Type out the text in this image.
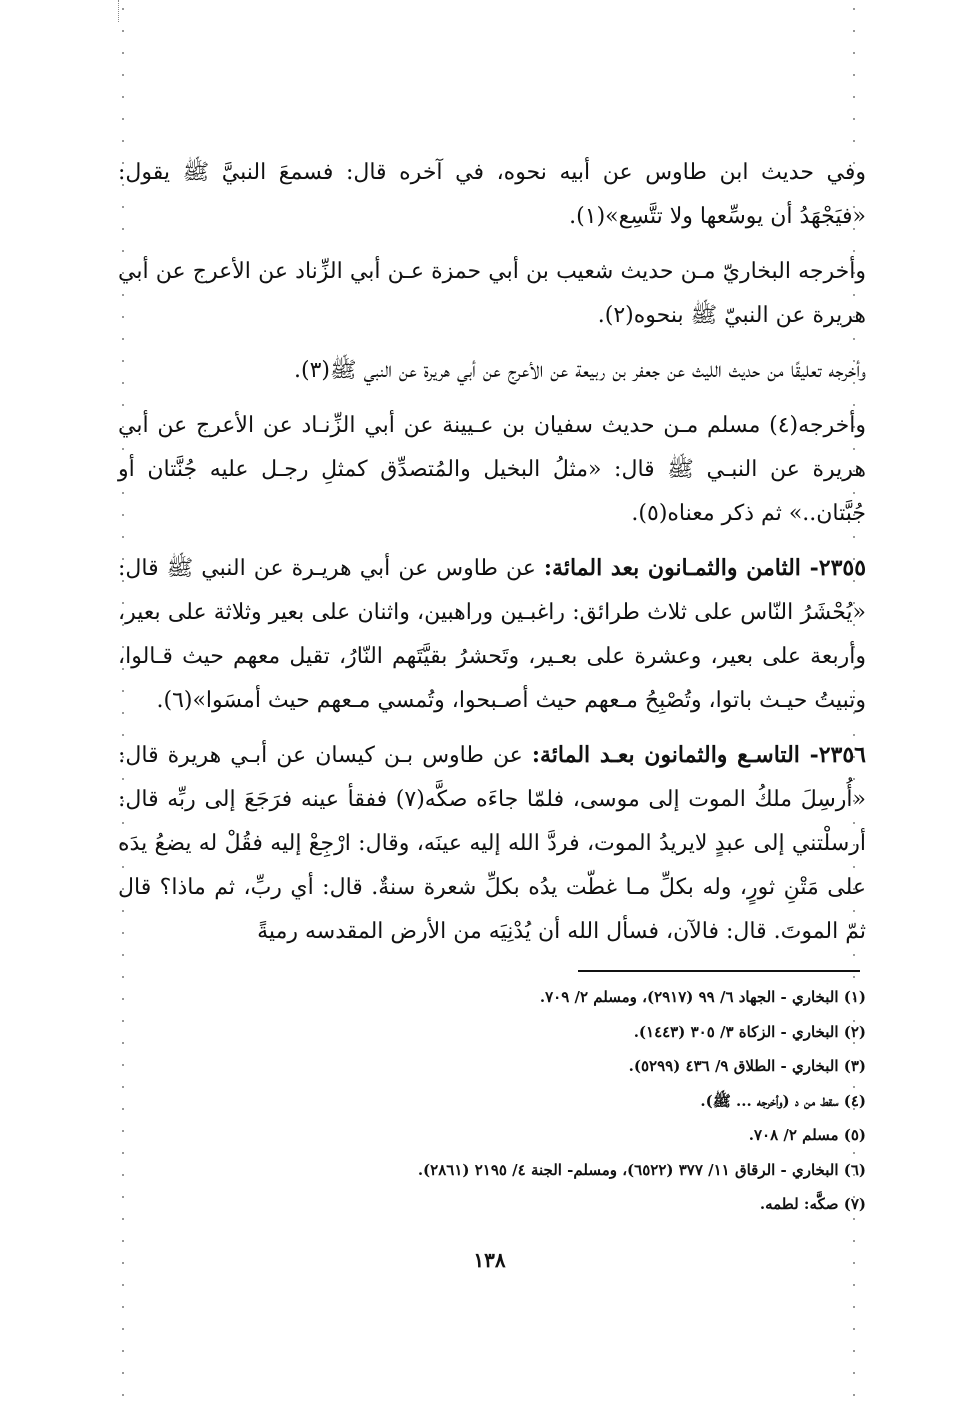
وفي حديث ابن طاوس عن أبيه نحوه، في آخره قال: فسمعَ النبيَّ ﷺ يقول: «فيَجْهَدُ أن يوسِّعها ولا تتَّسِع»(١).

وأخرجه البخاريّ مـن حديث شعيب بن أبي حمزة عـن أبي الزِّناد عن الأعرج عن أبي هريرة عن النبيّ ﷺ بنحوه(٢).

وأخرجه تعليقًا من حديث الليث عن جعفر بن ربيعة عن الأعرج عن أبي هريرة عن النبي ﷺ(٣).

وأخرجه(٤) مسلم مـن حديث سفيان بن عـيينة عن أبي الزِّنـاد عن الأعرج عن أبي هريرة عن النبـي ﷺ قال: «مثلُ البخيل والمُتصدِّق كمثلِ رجـل عليه جُنَّتان أو جُبَّتان..» ثم ذكر معناه(٥).

٢٣٥٥- الثامن والثمـانون بعد المائة: عن طاوس عن أبي هريـرة عن النبي ﷺ قال: «يُحْشَرُ النّاس على ثلاث طرائق: راغبـين وراهبين، واثنان على بعير وثلاثة على بعير، وأربعة على بعير، وعشرة على بعـير، وتَحشرُ بقيَّتَهم النّارُ، تقيل معهم حيث قـالوا، وتبيتُ حيـث باتوا، وتُصْبِحُ مـعهم حيث أصـبحوا، وتُمسي مـعهم حيث أمسَوا»(٦).

٢٣٥٦- التاسـع والثمانون بعـد المائة: عن طاوس بـن كيسان عن أبـي هريرة قال: «أُرسِلَ ملكُ الموت إلى موسى، فلمّا جاءَه صكَّه(٧) ففقأ عينه فرَجَعَ إلى ربِّه قال: أرسلْتني إلى عبدٍ لايريدُ الموت، فردَّ الله إليه عينَه، وقال: ارْجِعْ إليه فقُلْ له يضعُ يدَه على مَتْنِ ثورٍ، وله بكلِّ مـا غطّت يدُه بكلِّ شعرة سنةٌ. قال: أي ربِّ، ثم ماذا؟ قال ثمّ الموتَ. قال: فالآن، فسأل الله أن يُدْنِيَه من الأرض المقدسه رميةً

(١) البخاري - الجهاد ٦/ ٩٩ (٢٩١٧)، ومسلم ٢/ ٧٠٩.

(٢) البخاري - الزكاة ٣/ ٣٠٥ (١٤٤٣).

(٣) البخاري - الطلاق ٩/ ٤٣٦ (٥٢٩٩).

(٤) سقط من د (وأخرجه ... ﷺ).

(٥) مسلم ٢/ ٧٠٨.

(٦) البخاري - الرقاق ١١/ ٣٧٧ (٦٥٢٢)، ومسلم- الجنة ٤/ ٢١٩٥ (٢٨٦١).

(٧) صكَّه: لطمه.

١٣٨
